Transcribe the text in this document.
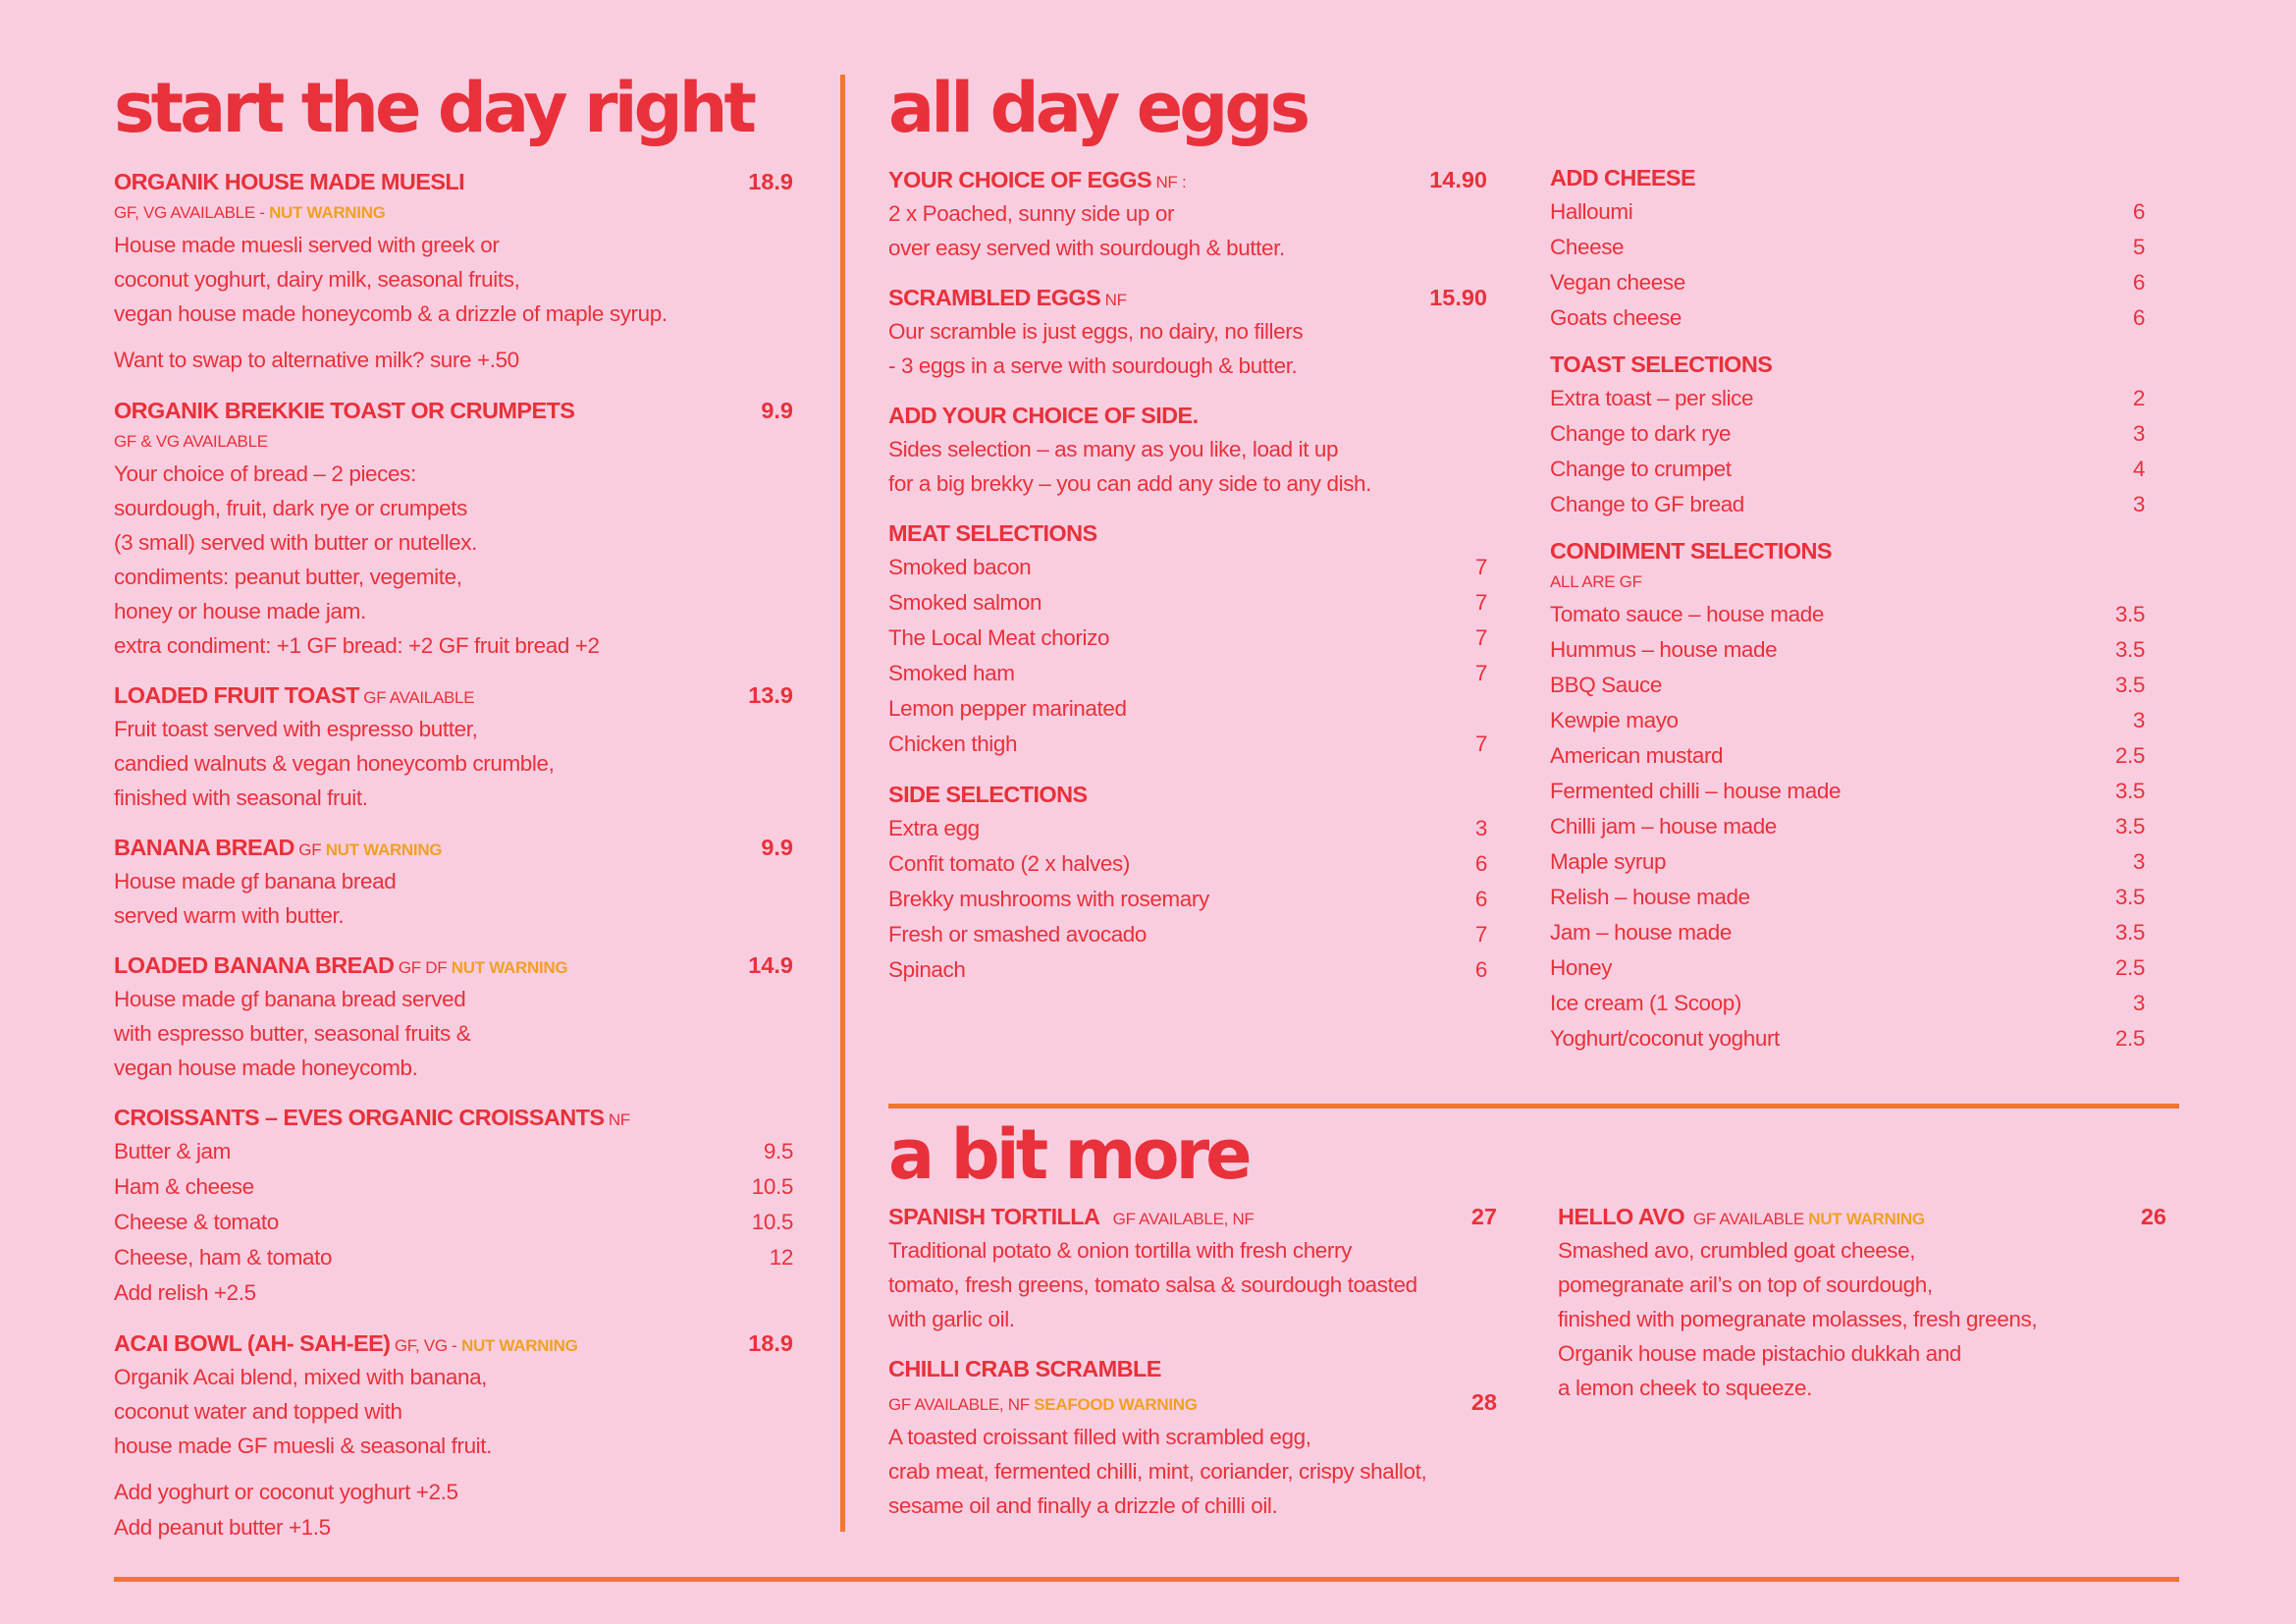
start the day right
ORGANIK HOUSE MADE MUESLI	18.9
GF, VG AVAILABLE - NUT WARNING
House made muesli served with greek or
coconut yoghurt, dairy milk, seasonal fruits,
vegan house made honeycomb & a drizzle of maple syrup.
Want to swap to alternative milk? sure +.50
ORGANIK BREKKIE TOAST OR CRUMPETS	9.9
GF & VG AVAILABLE
Your choice of bread – 2 pieces:
sourdough, fruit, dark rye or crumpets
(3 small) served with butter or nutellex.
condiments: peanut butter, vegemite,
honey or house made jam.
extra condiment: +1 GF bread: +2 GF fruit bread +2
LOADED FRUIT TOAST GF AVAILABLE	13.9
Fruit toast served with espresso butter,
candied walnuts & vegan honeycomb crumble,
finished with seasonal fruit.
BANANA BREAD GF NUT WARNING	9.9
House made gf banana bread
served warm with butter.
LOADED BANANA BREAD GF DF NUT WARNING	14.9
House made gf banana bread served
with espresso butter, seasonal fruits &
vegan house made honeycomb.
CROISSANTS – EVES ORGANIC CROISSANTS NF
Butter & jam	9.5
Ham & cheese	10.5
Cheese & tomato	10.5
Cheese, ham & tomato	12
Add relish +2.5
ACAI BOWL (AH- SAH-EE) GF, VG - NUT WARNING	18.9
Organik Acai blend, mixed with banana,
coconut water and topped with
house made GF muesli & seasonal fruit.
Add yoghurt or coconut yoghurt +2.5
Add peanut butter +1.5
all day eggs
YOUR CHOICE OF EGGS NF :	14.90
2 x Poached, sunny side up or
over easy served with sourdough & butter.
SCRAMBLED EGGS NF	15.90
Our scramble is just eggs, no dairy, no fillers
- 3 eggs in a serve with sourdough & butter.
ADD YOUR CHOICE OF SIDE.
Sides selection – as many as you like, load it up
for a big brekky – you can add any side to any dish.
MEAT SELECTIONS
Smoked bacon	7
Smoked salmon	7
The Local Meat chorizo	7
Smoked ham	7
Lemon pepper marinated
Chicken thigh	7
SIDE SELECTIONS
Extra egg	3
Confit tomato (2 x halves)	6
Brekky mushrooms with rosemary	6
Fresh or smashed avocado	7
Spinach	6
ADD CHEESE
Halloumi	6
Cheese	5
Vegan cheese	6
Goats cheese	6
TOAST SELECTIONS
Extra toast – per slice	2
Change to dark rye	3
Change to crumpet	4
Change to GF bread	3
CONDIMENT SELECTIONS
ALL ARE GF
Tomato sauce – house made	3.5
Hummus – house made	3.5
BBQ Sauce	3.5
Kewpie mayo	3
American mustard	2.5
Fermented chilli – house made	3.5
Chilli jam – house made	3.5
Maple syrup	3
Relish – house made	3.5
Jam – house made	3.5
Honey	2.5
Ice cream (1 Scoop)	3
Yoghurt/coconut yoghurt	2.5
a bit more
SPANISH TORTILLA   GF AVAILABLE, NF	27
Traditional potato & onion tortilla with fresh cherry
tomato, fresh greens, tomato salsa & sourdough toasted
with garlic oil.
CHILLI CRAB SCRAMBLE
GF AVAILABLE, NF SEAFOOD WARNING	28
A toasted croissant filled with scrambled egg,
crab meat, fermented chilli, mint, coriander, crispy shallot,
sesame oil and finally a drizzle of chilli oil.
HELLO AVO  GF AVAILABLE NUT WARNING	26
Smashed avo, crumbled goat cheese,
pomegranate aril’s on top of sourdough,
finished with pomegranate molasses, fresh greens,
Organik house made pistachio dukkah and
a lemon cheek to squeeze.
